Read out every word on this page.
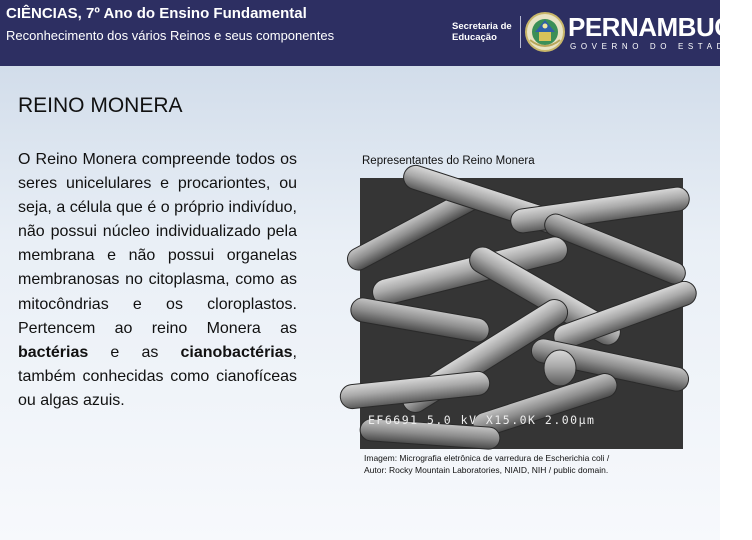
CIÊNCIAS, 7º Ano do Ensino Fundamental
Reconhecimento dos vários Reinos e seus componentes
Secretaria de
Educação	PERNAMBUCO
GOVERNO DO ESTADO
REINO MONERA
O Reino Monera compreende todos os seres unicelulares e procariontes, ou seja, a célula que é o próprio indivíduo, não possui núcleo individualizado pela membrana e não possui organelas membranosas no citoplasma, como as mitocôndrias e os cloroplastos. Pertencem ao reino Monera as bactérias e as cianobactérias, também conhecidas como cianofíceas ou algas azuis.
Representantes do Reino Monera
EF6691 5.0 kV X15.0K 2.00µm
Imagem: Micrografia eletrônica de varredura de Escherichia coli /
Autor: Rocky Mountain Laboratories, NIAID, NIH / public domain.
